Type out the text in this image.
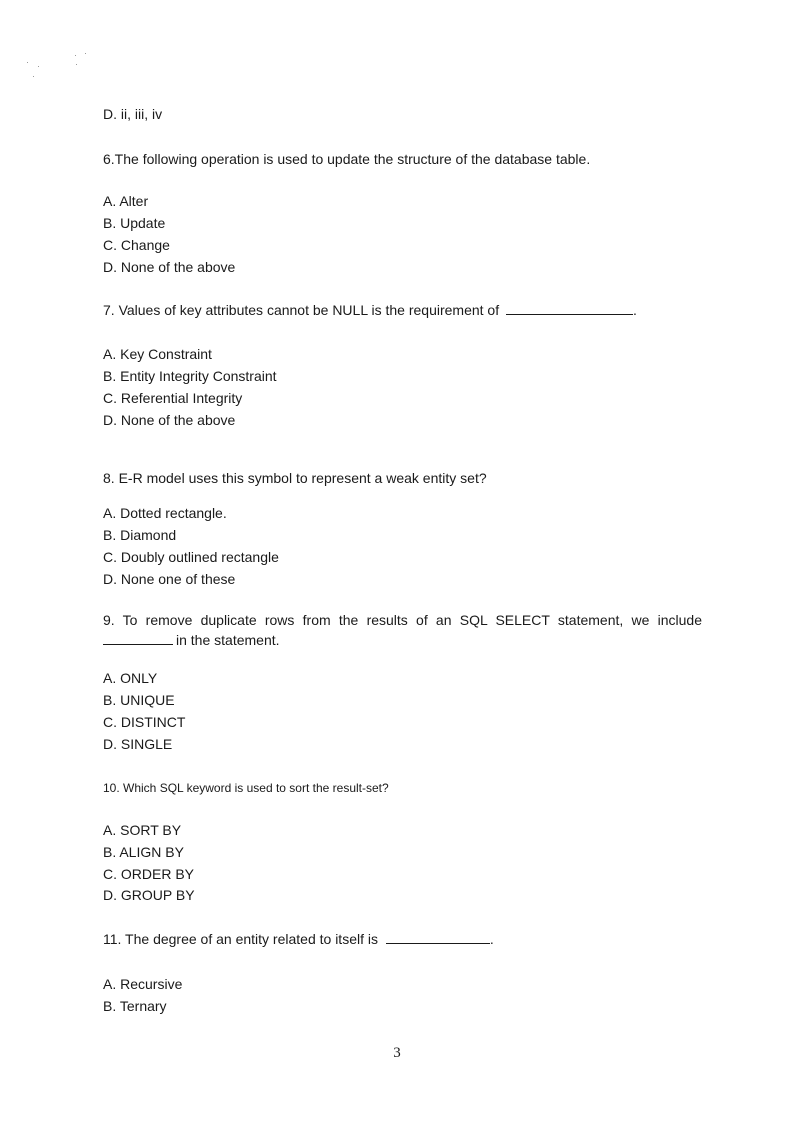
D. ii, iii, iv
6.The following operation is used to update the structure of the database table.
A. Alter
B. Update
C. Change
D. None of the above
7. Values of key attributes cannot be NULL is the requirement of	.
A. Key Constraint
B. Entity Integrity Constraint
C. Referential Integrity
D. None of the above
8. E-R model uses this symbol to represent a weak entity set?
A. Dotted rectangle.
B. Diamond
C. Doubly outlined rectangle
D. None one of these
9. To remove duplicate rows from the results of an SQL SELECT statement, we include
in the statement.
A. ONLY
B. UNIQUE
C. DISTINCT
D. SINGLE
10. Which SQL keyword is used to sort the result-set?
A. SORT BY
B. ALIGN BY
C. ORDER BY
D. GROUP BY
11. The degree of an entity related to itself is	.
A. Recursive
B. Ternary
3
